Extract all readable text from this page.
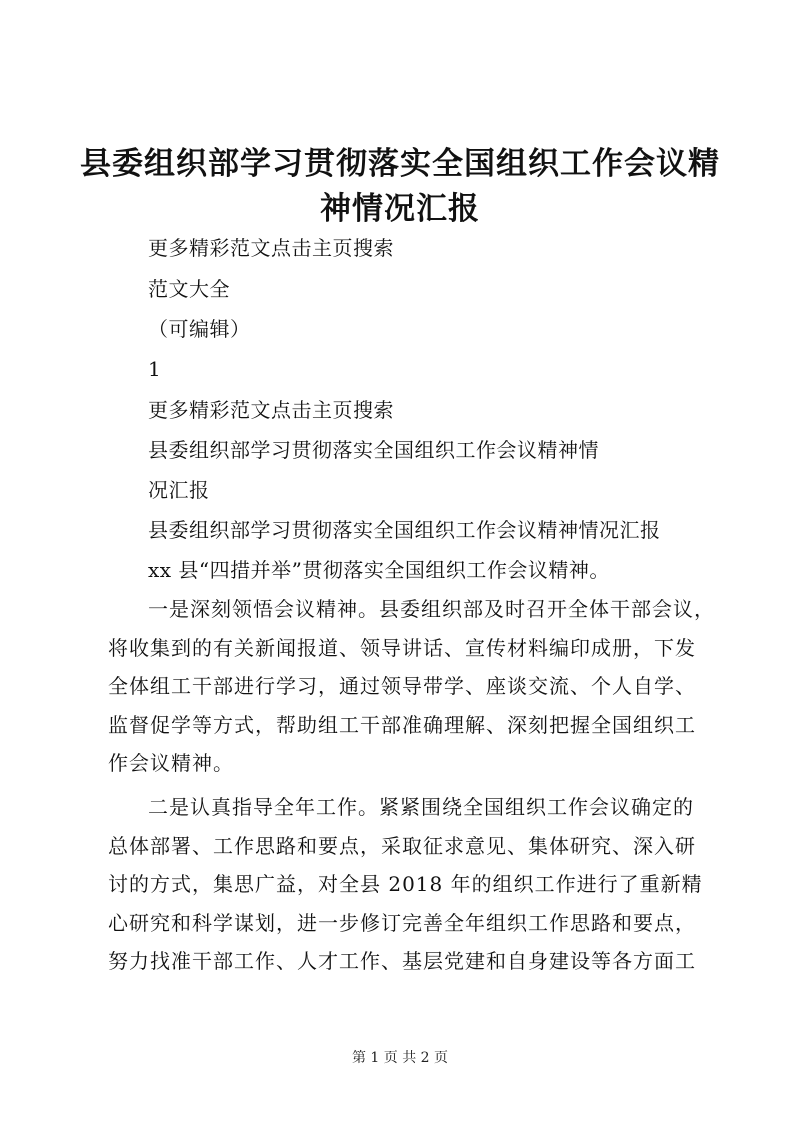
县委组织部学习贯彻落实全国组织工作会议精
神情况汇报
更多精彩范文点击主页搜索
范文大全
（可编辑）
1
更多精彩范文点击主页搜索
县委组织部学习贯彻落实全国组织工作会议精神情
况汇报
县委组织部学习贯彻落实全国组织工作会议精神情况汇报
xx 县“四措并举”贯彻落实全国组织工作会议精神。
一是深刻领悟会议精神。县委组织部及时召开全体干部会议，
将收集到的有关新闻报道、领导讲话、宣传材料编印成册，下发
全体组工干部进行学习，通过领导带学、座谈交流、个人自学、
监督促学等方式，帮助组工干部准确理解、深刻把握全国组织工
作会议精神。
二是认真指导全年工作。紧紧围绕全国组织工作会议确定的
总体部署、工作思路和要点，采取征求意见、集体研究、深入研
讨的方式，集思广益，对全县 2018 年的组织工作进行了重新精
心研究和科学谋划，进一步修订完善全年组织工作思路和要点，
努力找准干部工作、人才工作、基层党建和自身建设等各方面工
第 1 页 共 2 页
